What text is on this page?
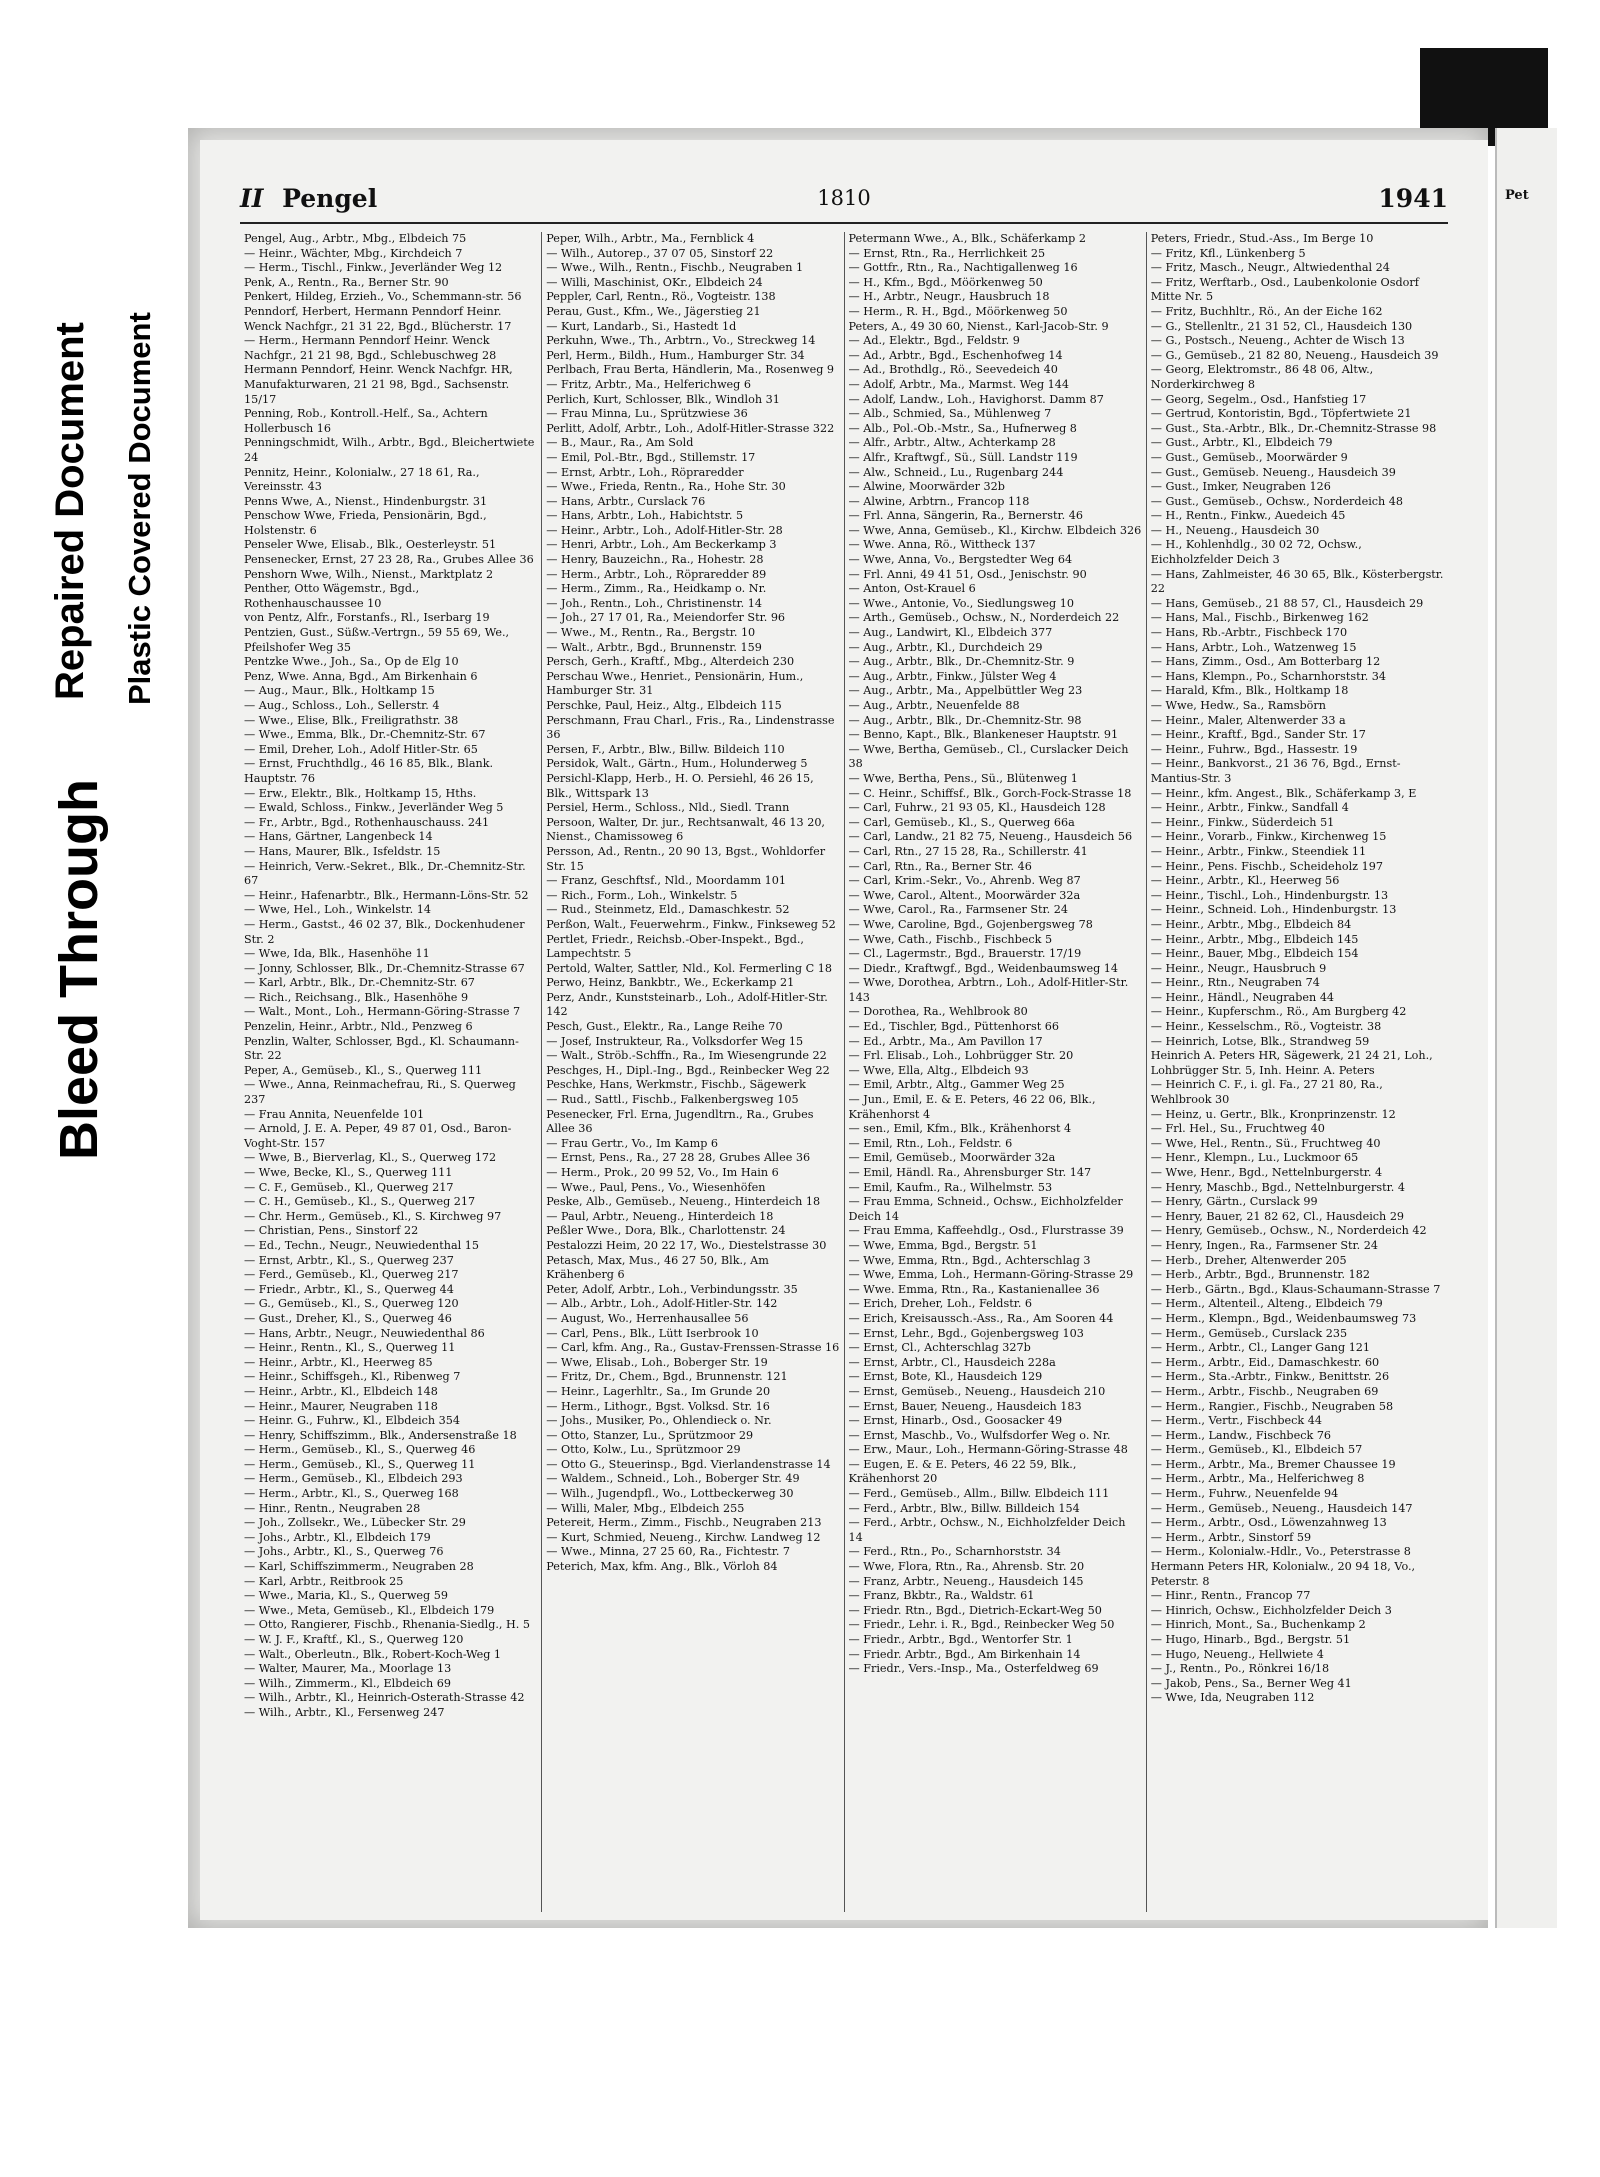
Bleed Through
Repaired Document Plastic Covered Document
Pet
II Pengel	1810	1941
Pengel, Aug., Arbtr., Mbg., Elbdeich 75
— Heinr., Wächter, Mbg., Kirchdeich 7
— Herm., Tischl., Finkw., Jeverländer Weg 12
Penk, A., Rentn., Ra., Berner Str. 90
Penkert, Hildeg, Erzieh., Vo., Schemmann-str. 56
Penndorf, Herbert, Hermann Penndorf Heinr. Wenck Nachfgr., 21 31 22, Bgd., Blücherstr. 17
— Herm., Hermann Penndorf Heinr. Wenck Nachfgr., 21 21 98, Bgd., Schlebuschweg 28
Hermann Penndorf, Heinr. Wenck Nachfgr. HR, Manufakturwaren, 21 21 98, Bgd., Sachsenstr. 15/17
Penning, Rob., Kontroll.-Helf., Sa., Achtern Hollerbusch 16
Penningschmidt, Wilh., Arbtr., Bgd., Bleichertwiete 24
Pennitz, Heinr., Kolonialw., 27 18 61, Ra., Vereinsstr. 43
Penns Wwe, A., Nienst., Hindenburgstr. 31
Penschow Wwe, Frieda, Pensionärin, Bgd., Holstenstr. 6
Penseler Wwe, Elisab., Blk., Oesterleystr. 51
Pensenecker, Ernst, 27 23 28, Ra., Grubes Allee 36
Penshorn Wwe, Wilh., Nienst., Marktplatz 2
Penther, Otto Wägemstr., Bgd., Rothenhauschaussee 10
von Pentz, Alfr., Forstanfs., Rl., Iserbarg 19
Pentzien, Gust., Süßw.-Vertrgn., 59 55 69, We., Pfeilshofer Weg 35
Pentzke Wwe., Joh., Sa., Op de Elg 10
Penz, Wwe. Anna, Bgd., Am Birkenhain 6
— Aug., Maur., Blk., Holtkamp 15
— Aug., Schloss., Loh., Sellerstr. 4
— Wwe., Elise, Blk., Freiligrathstr. 38
— Wwe., Emma, Blk., Dr.-Chemnitz-Str. 67
— Emil, Dreher, Loh., Adolf Hitler-Str. 65
— Ernst, Fruchthdlg., 46 16 85, Blk., Blank. Hauptstr. 76
— Erw., Elektr., Blk., Holtkamp 15, Hths.
— Ewald, Schloss., Finkw., Jeverländer Weg 5
— Fr., Arbtr., Bgd., Rothenhauschauss. 241
— Hans, Gärtner, Langenbeck 14
— Hans, Maurer, Blk., Isfeldstr. 15
— Heinrich, Verw.-Sekret., Blk., Dr.-Chemnitz-Str. 67
— Heinr., Hafenarbtr., Blk., Hermann-Löns-Str. 52
— Wwe, Hel., Loh., Winkelstr. 14
— Herm., Gastst., 46 02 37, Blk., Dockenhudener Str. 2
— Wwe, Ida, Blk., Hasenhöhe 11
— Jonny, Schlosser, Blk., Dr.-Chemnitz-Strasse 67
— Karl, Arbtr., Blk., Dr.-Chemnitz-Str. 67
— Rich., Reichsang., Blk., Hasenhöhe 9
— Walt., Mont., Loh., Hermann-Göring-Strasse 7
Penzelin, Heinr., Arbtr., Nld., Penzweg 6
Penzlin, Walter, Schlosser, Bgd., Kl. Schaumann-Str. 22
Peper, A., Gemüseb., Kl., S., Querweg 111
— Wwe., Anna, Reinmachefrau, Ri., S. Querweg 237
— Frau Annita, Neuenfelde 101
— Arnold, J. E. A. Peper, 49 87 01, Osd., Baron-Voght-Str. 157
— Wwe, B., Bierverlag, Kl., S., Querweg 172
— Wwe, Becke, Kl., S., Querweg 111
— C. F., Gemüseb., Kl., Querweg 217
— C. H., Gemüseb., Kl., S., Querweg 217
— Chr. Herm., Gemüseb., Kl., S. Kirchweg 97
— Christian, Pens., Sinstorf 22
— Ed., Techn., Neugr., Neuwiedenthal 15
— Ernst, Arbtr., Kl., S., Querweg 237
— Ferd., Gemüseb., Kl., Querweg 217
— Friedr., Arbtr., Kl., S., Querweg 44
— G., Gemüseb., Kl., S., Querweg 120
— Gust., Dreher, Kl., S., Querweg 46
— Hans, Arbtr., Neugr., Neuwiedenthal 86
— Heinr., Rentn., Kl., S., Querweg 11
— Heinr., Arbtr., Kl., Heerweg 85
— Heinr., Schiffsgeh., Kl., Ribenweg 7
— Heinr., Arbtr., Kl., Elbdeich 148
— Heinr., Maurer, Neugraben 118
— Heinr. G., Fuhrw., Kl., Elbdeich 354
— Henry, Schiffszimm., Blk., Andersenstraße 18
— Herm., Gemüseb., Kl., S., Querweg 46
— Herm., Gemüseb., Kl., S., Querweg 11
— Herm., Gemüseb., Kl., Elbdeich 293
— Herm., Arbtr., Kl., S., Querweg 168
— Hinr., Rentn., Neugraben 28
— Joh., Zollsekr., We., Lübecker Str. 29
— Johs., Arbtr., Kl., Elbdeich 179
— Johs., Arbtr., Kl., S., Querweg 76
— Karl, Schiffszimmerm., Neugraben 28
— Karl, Arbtr., Reitbrook 25
— Wwe., Maria, Kl., S., Querweg 59
— Wwe., Meta, Gemüseb., Kl., Elbdeich 179
— Otto, Rangierer, Fischb., Rhenania-Siedlg., H. 5
— W. J. F., Kraftf., Kl., S., Querweg 120
— Walt., Oberleutn., Blk., Robert-Koch-Weg 1
— Walter, Maurer, Ma., Moorlage 13
— Wilh., Zimmerm., Kl., Elbdeich 69
— Wilh., Arbtr., Kl., Heinrich-Osterath-Strasse 42
— Wilh., Arbtr., Kl., Fersenweg 247
Peper, Wilh., Arbtr., Ma., Fernblick 4
— Wilh., Autorep., 37 07 05, Sinstorf 22
— Wwe., Wilh., Rentn., Fischb., Neugraben 1
— Willi, Maschinist, OKr., Elbdeich 24
Peppler, Carl, Rentn., Rö., Vogteistr. 138
Perau, Gust., Kfm., We., Jägerstieg 21
— Kurt, Landarb., Si., Hastedt 1d
Perkuhn, Wwe., Th., Arbtrn., Vo., Streckweg 14
Perl, Herm., Bildh., Hum., Hamburger Str. 34
Perlbach, Frau Berta, Händlerin, Ma., Rosenweg 9
— Fritz, Arbtr., Ma., Helferichweg 6
Perlich, Kurt, Schlosser, Blk., Windloh 31
— Frau Minna, Lu., Sprützwiese 36
Perlitt, Adolf, Arbtr., Loh., Adolf-Hitler-Strasse 322
— B., Maur., Ra., Am Sold
— Emil, Pol.-Btr., Bgd., Stillemstr. 17
— Ernst, Arbtr., Loh., Röpraredder
— Wwe., Frieda, Rentn., Ra., Hohe Str. 30
— Hans, Arbtr., Curslack 76
— Hans, Arbtr., Loh., Habichtstr. 5
— Heinr., Arbtr., Loh., Adolf-Hitler-Str. 28
— Henri, Arbtr., Loh., Am Beckerkamp 3
— Henry, Bauzeichn., Ra., Hohestr. 28
— Herm., Arbtr., Loh., Röpraredder 89
— Herm., Zimm., Ra., Heidkamp o. Nr.
— Joh., Rentn., Loh., Christinenstr. 14
— Joh., 27 17 01, Ra., Meiendorfer Str. 96
— Wwe., M., Rentn., Ra., Bergstr. 10
— Walt., Arbtr., Bgd., Brunnenstr. 159
Persch, Gerh., Kraftf., Mbg., Alterdeich 230
Perschau Wwe., Henriet., Pensionärin, Hum., Hamburger Str. 31
Perschke, Paul, Heiz., Altg., Elbdeich 115
Perschmann, Frau Charl., Fris., Ra., Lindenstrasse 36
Persen, F., Arbtr., Blw., Billw. Bildeich 110
Persidok, Walt., Gärtn., Hum., Holunderweg 5
Persichl-Klapp, Herb., H. O. Persiehl, 46 26 15, Blk., Wittspark 13
Persiel, Herm., Schloss., Nld., Siedl. Trann
Persoon, Walter, Dr. jur., Rechtsanwalt, 46 13 20, Nienst., Chamissoweg 6
Persson, Ad., Rentn., 20 90 13, Bgst., Wohldorfer Str. 15
— Franz, Geschftsf., Nld., Moordamm 101
— Rich., Form., Loh., Winkelstr. 5
— Rud., Steinmetz, Eld., Damaschkestr. 52
Perßon, Walt., Feuerwehrm., Finkw., Finkseweg 52
Pertlet, Friedr., Reichsb.-Ober-Inspekt., Bgd., Lampechtstr. 5
Pertold, Walter, Sattler, Nld., Kol. Fermerling C 18
Perwo, Heinz, Bankbtr., We., Eckerkamp 21
Perz, Andr., Kunststeinarb., Loh., Adolf-Hitler-Str. 142
Pesch, Gust., Elektr., Ra., Lange Reihe 70
— Josef, Instrukteur, Ra., Volksdorfer Weg 15
— Walt., Ströb.-Schffn., Ra., Im Wiesengrunde 22
Peschges, H., Dipl.-Ing., Bgd., Reinbecker Weg 22
Peschke, Hans, Werkmstr., Fischb., Sägewerk
— Rud., Sattl., Fischb., Falkenbergsweg 105
Pesenecker, Frl. Erna, Jugendltrn., Ra., Grubes Allee 36
— Frau Gertr., Vo., Im Kamp 6
— Ernst, Pens., Ra., 27 28 28, Grubes Allee 36
— Herm., Prok., 20 99 52, Vo., Im Hain 6
— Wwe., Paul, Pens., Vo., Wiesenhöfen
Peske, Alb., Gemüseb., Neueng., Hinterdeich 18
— Paul, Arbtr., Neueng., Hinterdeich 18
Peßler Wwe., Dora, Blk., Charlottenstr. 24
Pestalozzi Heim, 20 22 17, Wo., Diestelstrasse 30
Petasch, Max, Mus., 46 27 50, Blk., Am Krähenberg 6
Peter, Adolf, Arbtr., Loh., Verbindungsstr. 35
— Alb., Arbtr., Loh., Adolf-Hitler-Str. 142
— August, Wo., Herrenhausallee 56
— Carl, Pens., Blk., Lütt Iserbrook 10
— Carl, kfm. Ang., Ra., Gustav-Frenssen-Strasse 16
— Wwe, Elisab., Loh., Boberger Str. 19
— Fritz, Dr., Chem., Bgd., Brunnenstr. 121
— Heinr., Lagerhltr., Sa., Im Grunde 20
— Herm., Lithogr., Bgst. Volksd. Str. 16
— Johs., Musiker, Po., Ohlendieck o. Nr.
— Otto, Stanzer, Lu., Sprützmoor 29
— Otto, Kolw., Lu., Sprützmoor 29
— Otto G., Steuerinsp., Bgd. Vierlandenstrasse 14
— Waldem., Schneid., Loh., Boberger Str. 49
— Wilh., Jugendpfl., Wo., Lottbeckerweg 30
— Willi, Maler, Mbg., Elbdeich 255
Petereit, Herm., Zimm., Fischb., Neugraben 213
— Kurt, Schmied, Neueng., Kirchw. Landweg 12
— Wwe., Minna, 27 25 60, Ra., Fichtestr. 7
Peterich, Max, kfm. Ang., Blk., Vörloh 84
Petermann Wwe., A., Blk., Schäferkamp 2
— Ernst, Rtn., Ra., Herrlichkeit 25
— Gottfr., Rtn., Ra., Nachtigallenweg 16
— H., Kfm., Bgd., Möörkenweg 50
— H., Arbtr., Neugr., Hausbruch 18
— Herm., R. H., Bgd., Möörkenweg 50
Peters, A., 49 30 60, Nienst., Karl-Jacob-Str. 9
— Ad., Elektr., Bgd., Feldstr. 9
— Ad., Arbtr., Bgd., Eschenhofweg 14
— Ad., Brothdlg., Rö., Seevedeich 40
— Adolf, Arbtr., Ma., Marmst. Weg 144
— Adolf, Landw., Loh., Havighorst. Damm 87
— Alb., Schmied, Sa., Mühlenweg 7
— Alb., Pol.-Ob.-Mstr., Sa., Hufnerweg 8
— Alfr., Arbtr., Altw., Achterkamp 28
— Alfr., Kraftwgf., Sü., Süll. Landstr 119
— Alw., Schneid., Lu., Rugenbarg 244
— Alwine, Moorwärder 32b
— Alwine, Arbtrn., Francop 118
— Frl. Anna, Sängerin, Ra., Bernerstr. 46
— Wwe, Anna, Gemüseb., Kl., Kirchw. Elbdeich 326
— Wwe. Anna, Rö., Wittheck 137
— Wwe, Anna, Vo., Bergstedter Weg 64
— Frl. Anni, 49 41 51, Osd., Jenischstr. 90
— Anton, Ost-Krauel 6
— Wwe., Antonie, Vo., Siedlungsweg 10
— Arth., Gemüseb., Ochsw., N., Norderdeich 22
— Aug., Landwirt, Kl., Elbdeich 377
— Aug., Arbtr., Kl., Durchdeich 29
— Aug., Arbtr., Blk., Dr.-Chemnitz-Str. 9
— Aug., Arbtr., Finkw., Jülster Weg 4
— Aug., Arbtr., Ma., Appelbüttler Weg 23
— Aug., Arbtr., Neuenfelde 88
— Aug., Arbtr., Blk., Dr.-Chemnitz-Str. 98
— Benno, Kapt., Blk., Blankeneser Hauptstr. 91
— Wwe, Bertha, Gemüseb., Cl., Curslacker Deich 38
— Wwe, Bertha, Pens., Sü., Blütenweg 1
— C. Heinr., Schiffsf., Blk., Gorch-Fock-Strasse 18
— Carl, Fuhrw., 21 93 05, Kl., Hausdeich 128
— Carl, Gemüseb., Kl., S., Querweg 66a
— Carl, Landw., 21 82 75, Neueng., Hausdeich 56
— Carl, Rtn., 27 15 28, Ra., Schillerstr. 41
— Carl, Rtn., Ra., Berner Str. 46
— Carl, Krim.-Sekr., Vo., Ahrenb. Weg 87
— Wwe, Carol., Altent., Moorwärder 32a
— Wwe, Carol., Ra., Farmsener Str. 24
— Wwe, Caroline, Bgd., Gojenbergsweg 78
— Wwe, Cath., Fischb., Fischbeck 5
— Cl., Lagermstr., Bgd., Brauerstr. 17/19
— Diedr., Kraftwgf., Bgd., Weidenbaumsweg 14
— Wwe, Dorothea, Arbtrn., Loh., Adolf-Hitler-Str. 143
— Dorothea, Ra., Wehlbrook 80
— Ed., Tischler, Bgd., Püttenhorst 66
— Ed., Arbtr., Ma., Am Pavillon 17
— Frl. Elisab., Loh., Lohbrügger Str. 20
— Wwe, Ella, Altg., Elbdeich 93
— Emil, Arbtr., Altg., Gammer Weg 25
— Jun., Emil, E. & E. Peters, 46 22 06, Blk., Krähenhorst 4
— sen., Emil, Kfm., Blk., Krähenhorst 4
— Emil, Rtn., Loh., Feldstr. 6
— Emil, Gemüseb., Moorwärder 32a
— Emil, Händl. Ra., Ahrensburger Str. 147
— Emil, Kaufm., Ra., Wilhelmstr. 53
— Frau Emma, Schneid., Ochsw., Eichholzfelder Deich 14
— Frau Emma, Kaffeehdlg., Osd., Flurstrasse 39
— Wwe, Emma, Bgd., Bergstr. 51
— Wwe, Emma, Rtn., Bgd., Achterschlag 3
— Wwe, Emma, Loh., Hermann-Göring-Strasse 29
— Wwe. Emma, Rtn., Ra., Kastanienallee 36
— Erich, Dreher, Loh., Feldstr. 6
— Erich, Kreisaussch.-Ass., Ra., Am Sooren 44
— Ernst, Lehr., Bgd., Gojenbergsweg 103
— Ernst, Cl., Achterschlag 327b
— Ernst, Arbtr., Cl., Hausdeich 228a
— Ernst, Bote, Kl., Hausdeich 129
— Ernst, Gemüseb., Neueng., Hausdeich 210
— Ernst, Bauer, Neueng., Hausdeich 183
— Ernst, Hinarb., Osd., Goosacker 49
— Ernst, Maschb., Vo., Wulfsdorfer Weg o. Nr.
— Erw., Maur., Loh., Hermann-Göring-Strasse 48
— Eugen, E. & E. Peters, 46 22 59, Blk., Krähenhorst 20
— Ferd., Gemüseb., Allm., Billw. Elbdeich 111
— Ferd., Arbtr., Blw., Billw. Billdeich 154
— Ferd., Arbtr., Ochsw., N., Eichholzfelder Deich 14
— Ferd., Rtn., Po., Scharnhorststr. 34
— Wwe, Flora, Rtn., Ra., Ahrensb. Str. 20
— Franz, Arbtr., Neueng., Hausdeich 145
— Franz, Bkbtr., Ra., Waldstr. 61
— Friedr. Rtn., Bgd., Dietrich-Eckart-Weg 50
— Friedr., Lehr. i. R., Bgd., Reinbecker Weg 50
— Friedr., Arbtr., Bgd., Wentorfer Str. 1
— Friedr. Arbtr., Bgd., Am Birkenhain 14
— Friedr., Vers.-Insp., Ma., Osterfeldweg 69
Peters, Friedr., Stud.-Ass., Im Berge 10
— Fritz, Kfl., Lünkenberg 5
— Fritz, Masch., Neugr., Altwiedenthal 24
— Fritz, Werftarb., Osd., Laubenkolonie Osdorf Mitte Nr. 5
— Fritz, Buchhltr., Rö., An der Eiche 162
— G., Stellenltr., 21 31 52, Cl., Hausdeich 130
— G., Postsch., Neueng., Achter de Wisch 13
— G., Gemüseb., 21 82 80, Neueng., Hausdeich 39
— Georg, Elektromstr., 86 48 06, Altw., Norderkirchweg 8
— Georg, Segelm., Osd., Hanfstieg 17
— Gertrud, Kontoristin, Bgd., Töpfertwiete 21
— Gust., Sta.-Arbtr., Blk., Dr.-Chemnitz-Strasse 98
— Gust., Arbtr., Kl., Elbdeich 79
— Gust., Gemüseb., Moorwärder 9
— Gust., Gemüseb. Neueng., Hausdeich 39
— Gust., Imker, Neugraben 126
— Gust., Gemüseb., Ochsw., Norderdeich 48
— H., Rentn., Finkw., Auedeich 45
— H., Neueng., Hausdeich 30
— H., Kohlenhdlg., 30 02 72, Ochsw., Eichholzfelder Deich 3
— Hans, Zahlmeister, 46 30 65, Blk., Kösterbergstr. 22
— Hans, Gemüseb., 21 88 57, Cl., Hausdeich 29
— Hans, Mal., Fischb., Birkenweg 162
— Hans, Rb.-Arbtr., Fischbeck 170
— Hans, Arbtr., Loh., Watzenweg 15
— Hans, Zimm., Osd., Am Botterbarg 12
— Hans, Klempn., Po., Scharnhorststr. 34
— Harald, Kfm., Blk., Holtkamp 18
— Wwe, Hedw., Sa., Ramsbörn
— Heinr., Maler, Altenwerder 33 a
— Heinr., Kraftf., Bgd., Sander Str. 17
— Heinr., Fuhrw., Bgd., Hassestr. 19
— Heinr., Bankvorst., 21 36 76, Bgd., Ernst-Mantius-Str. 3
— Heinr., kfm. Angest., Blk., Schäferkamp 3, E
— Heinr., Arbtr., Finkw., Sandfall 4
— Heinr., Finkw., Süderdeich 51
— Heinr., Vorarb., Finkw., Kirchenweg 15
— Heinr., Arbtr., Finkw., Steendiek 11
— Heinr., Pens. Fischb., Scheideholz 197
— Heinr., Arbtr., Kl., Heerweg 56
— Heinr., Tischl., Loh., Hindenburgstr. 13
— Heinr., Schneid. Loh., Hindenburgstr. 13
— Heinr., Arbtr., Mbg., Elbdeich 84
— Heinr., Arbtr., Mbg., Elbdeich 145
— Heinr., Bauer, Mbg., Elbdeich 154
— Heinr., Neugr., Hausbruch 9
— Heinr., Rtn., Neugraben 74
— Heinr., Händl., Neugraben 44
— Heinr., Kupferschm., Rö., Am Burgberg 42
— Heinr., Kesselschm., Rö., Vogteistr. 38
— Heinrich, Lotse, Blk., Strandweg 59
Heinrich A. Peters HR, Sägewerk, 21 24 21, Loh., Lohbrügger Str. 5, Inh. Heinr. A. Peters
— Heinrich C. F., i. gl. Fa., 27 21 80, Ra., Wehlbrook 30
— Heinz, u. Gertr., Blk., Kronprinzenstr. 12
— Frl. Hel., Su., Fruchtweg 40
— Wwe, Hel., Rentn., Sü., Fruchtweg 40
— Henr., Klempn., Lu., Luckmoor 65
— Wwe, Henr., Bgd., Nettelnburgerstr. 4
— Henry, Maschb., Bgd., Nettelnburgerstr. 4
— Henry, Gärtn., Curslack 99
— Henry, Bauer, 21 82 62, Cl., Hausdeich 29
— Henry, Gemüseb., Ochsw., N., Norderdeich 42
— Henry, Ingen., Ra., Farmsener Str. 24
— Herb., Dreher, Altenwerder 205
— Herb., Arbtr., Bgd., Brunnenstr. 182
— Herb., Gärtn., Bgd., Klaus-Schaumann-Strasse 7
— Herm., Altenteil., Alteng., Elbdeich 79
— Herm., Klempn., Bgd., Weidenbaumsweg 73
— Herm., Gemüseb., Curslack 235
— Herm., Arbtr., Cl., Langer Gang 121
— Herm., Arbtr., Eid., Damaschkestr. 60
— Herm., Sta.-Arbtr., Finkw., Benittstr. 26
— Herm., Arbtr., Fischb., Neugraben 69
— Herm., Rangier., Fischb., Neugraben 58
— Herm., Vertr., Fischbeck 44
— Herm., Landw., Fischbeck 76
— Herm., Gemüseb., Kl., Elbdeich 57
— Herm., Arbtr., Ma., Bremer Chaussee 19
— Herm., Arbtr., Ma., Helferichweg 8
— Herm., Fuhrw., Neuenfelde 94
— Herm., Gemüseb., Neueng., Hausdeich 147
— Herm., Arbtr., Osd., Löwenzahnweg 13
— Herm., Arbtr., Sinstorf 59
— Herm., Kolonialw.-Hdlr., Vo., Peterstrasse 8
Hermann Peters HR, Kolonialw., 20 94 18, Vo., Peterstr. 8
— Hinr., Rentn., Francop 77
— Hinrich, Ochsw., Eichholzfelder Deich 3
— Hinrich, Mont., Sa., Buchenkamp 2
— Hugo, Hinarb., Bgd., Bergstr. 51
— Hugo, Neueng., Hellwiete 4
— J., Rentn., Po., Rönkrei 16/18
— Jakob, Pens., Sa., Berner Weg 41
— Wwe, Ida, Neugraben 112
